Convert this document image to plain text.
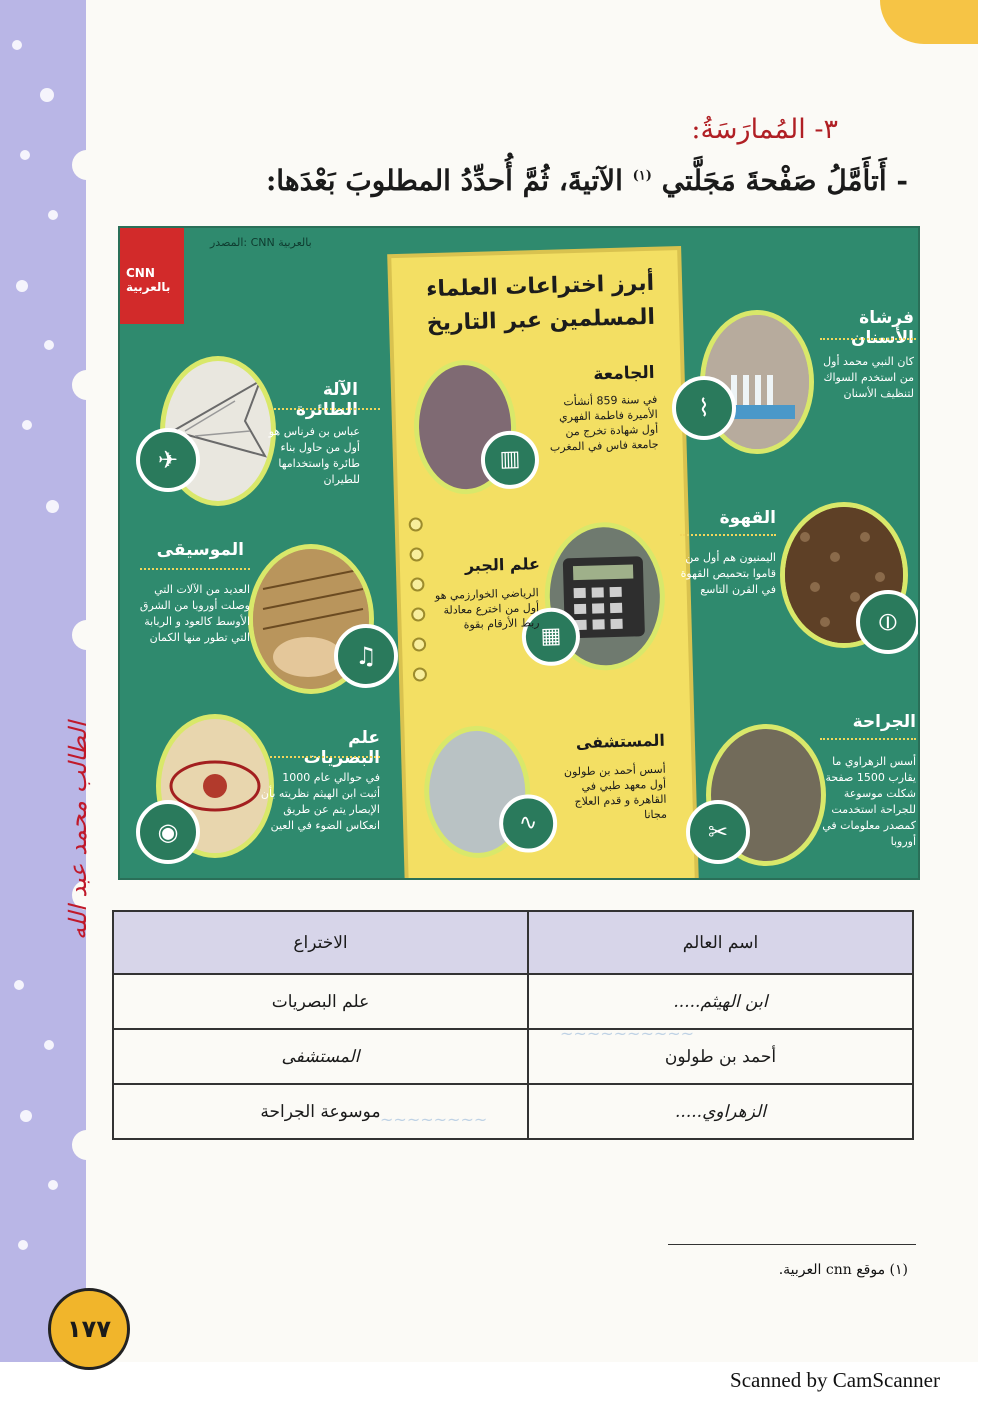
٣- المُمارَسَةُ:
- أَتأَمَّلُ صَفْحةَ مَجَلَّتي $^{(١)}$ الآتيةَ، ثُمَّ أُحدِّدُ المطلوبَ بَعْدَها:
CNN بالعربية
المصدر: CNN بالعربية
✈
الآلة الطائرة
عباس بن فرناس هو أول من حاول بناء طائرة واستخدامها للطيران
♫
الموسيقى
العديد من الآلات التي وصلت أوروبا من الشرق الأوسط كالعود و الربابة التي تطور منها الكمان
◉
علم البصريات
في حوالي عام 1000 أثبت ابن الهيثم نظريته بأن الإبصار يتم عن طريق انعكاس الضوء في العين
أبرز اختراعات العلماء المسلمين عبر التاريخ
▥
الجامعة
في سنة 859 أنشأت الأميرة فاطمة الفهري أول شهادة تخرج من جامعة فاس في المغرب
▦
علم الجبر
الرياضي الخوارزمي هو أول من اخترع معادلة ربط الأرقام بقوة
∿
المستشفى
أسس أحمد بن طولون أول معهد طبي في القاهرة و قدم العلاج مجانا
⌇
فرشاة الأسنان
كان النبي محمد أول من استخدم السواك لتنظيف الأسنان
⦶
القهوة
اليمنيون هم أول من قاموا بتحميص القهوة في القرن التاسع
✂
الجراحة
أسس الزهراوي ما يقارب 1500 صفحة شكلت موسوعة للجراحة استخدمت كمصدر معلومات في أوروبا
~~~~~~~~~~
~~~~~~~~
اسم العالم	الاختراع
ابن الهيثم.....	علم البصريات
أحمد بن طولون	المستشفى
الزهراوي.....	موسوعة الجراحة
الطالب محمد عبد الله
(١) موقع cnn العربية.
١٧٧
Scanned by CamScanner
